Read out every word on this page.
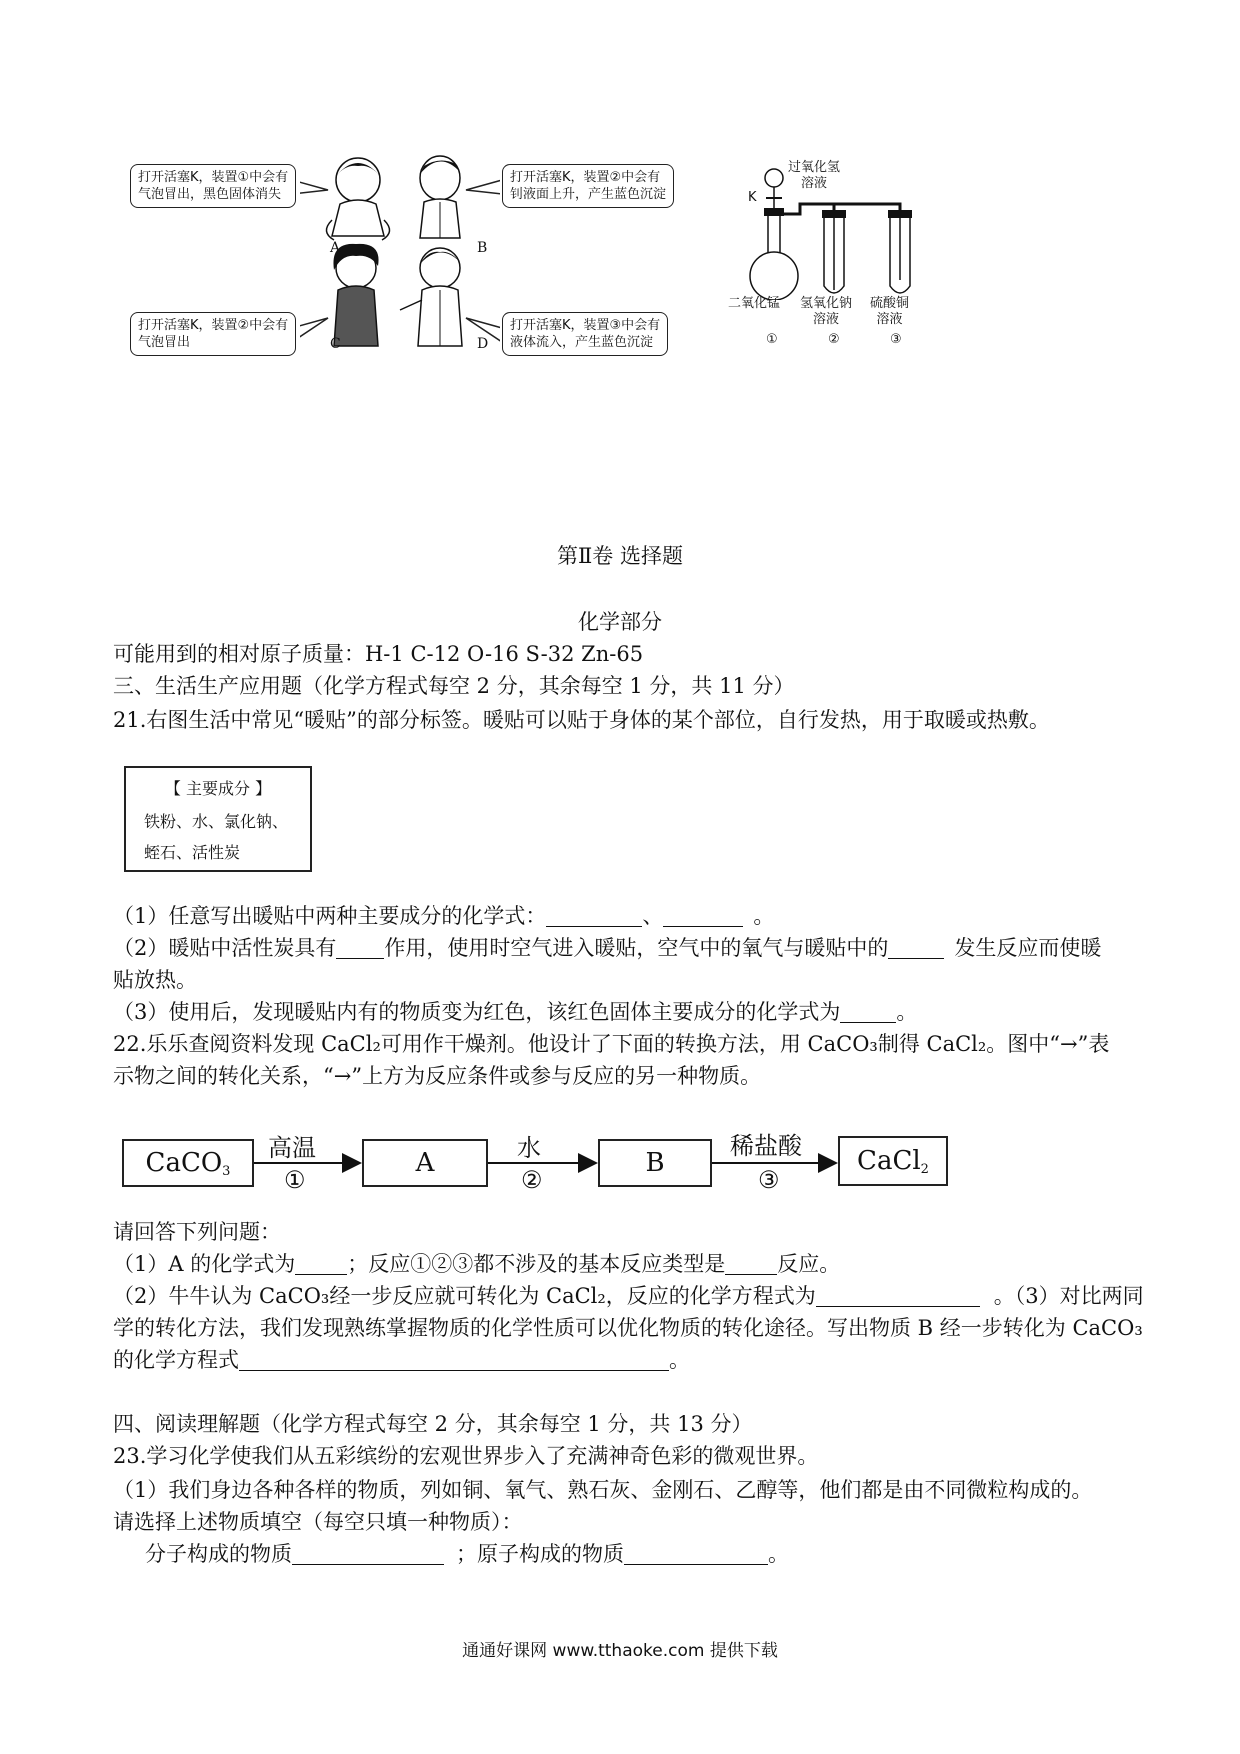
打开活塞K，装置①中会有
气泡冒出，黑色固体消失
打开活塞K，装置②中会有
钊液面上升，产生蓝色沉淀
打开活塞K，装置②中会有
气泡冒出
打开活塞K，装置③中会有
液体流入，产生蓝色沉淀
A	B
C	D
过氧化氢
溶液
K
二氧化锰 氢氧化钠
溶液
硫酸铜
溶液
①	②	③
第Ⅱ卷 选择题
化学部分
可能用到的相对原子质量：H-1 C-12 O-16 S-32 Zn-65
三、生活生产应用题（化学方程式每空 2 分，其余每空 1 分，共 11 分）
21.右图生活中常见“暖贴”的部分标签。暖贴可以贴于身体的某个部位，自行发热，用于取暖或热敷。
【 主要成分 】
铁粉、水、氯化钠、
蛭石、活性炭
（1）任意写出暖贴中两种主要成分的化学式：	、	。
（2）暖贴中活性炭具有 作用，使用时空气进入暖贴，空气中的氧气与暖贴中的	发生反应而使暖
贴放热。
（3）使用后，发现暖贴内有的物质变为红色，该红色固体主要成分的化学式为	。
22.乐乐查阅资料发现 CaCl₂可用作干燥剂。他设计了下面的转换方法，用 CaCO₃制得 CaCl₂。图中“→”表
示物之间的转化关系，“→”上方为反应条件或参与反应的另一种物质。
CaCO$_3$	A	B	CaCl$_2$
高温	水	稀盐酸
①	②	③
请回答下列问题：
（1）A 的化学式为 ；反应①②③都不涉及的基本反应类型是 反应。
（2）牛牛认为 CaCO₃经一步反应就可转化为 CaCl₂，反应的化学方程式为	。（3）对比两同
学的转化方法，我们发现熟练掌握物质的化学性质可以优化物质的转化途径。写出物质 B 经一步转化为 CaCO₃
的化学方程式	。
四、阅读理解题（化学方程式每空 2 分，其余每空 1 分，共 13 分）
23.学习化学使我们从五彩缤纷的宏观世界步入了充满神奇色彩的微观世界。
（1）我们身边各种各样的物质，列如铜、氧气、熟石灰、金刚石、乙醇等，他们都是由不同微粒构成的。
请选择上述物质填空（每空只填一种物质）：
分子构成的物质	；原子构成的物质	。
通通好课网 www.tthaoke.com 提供下载
